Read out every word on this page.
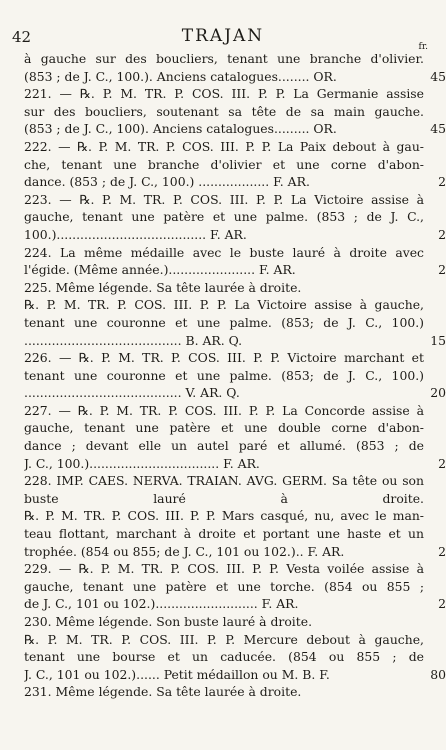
42	TRAJAN
fr.
à gauche sur des boucliers, tenant une branche d'olivier.
(853 ; de J. C., 100.). Anciens catalogues........ OR.	45
221. — ℞. P. M. TR. P. COS. III. P. P. La Germanie assise
sur des boucliers, soutenant sa tête de sa main gauche.
(853 ; de J. C., 100). Anciens catalogues......... OR.	45
222. — ℞. P. M. TR. P. COS. III. P. P. La Paix debout à gau-
che, tenant une branche d'olivier et une corne d'abon-
dance. (853 ; de J. C., 100.) .................. F. AR.	2
223. — ℞. P. M. TR. P. COS. III. P. P. La Victoire assise à
gauche, tenant une patère et une palme. (853 ; de J. C.,
100.)...................................... F. AR.	2
224. La même médaille avec le buste lauré à droite avec
l'égide. (Même année.)...................... F. AR.	2
225. Même légende. Sa tête laurée à droite.
℞. P. M. TR. P. COS. III. P. P. La Victoire assise à gauche,
tenant une couronne et une palme. (853; de J. C., 100.)
........................................ B. AR. Q.	15
226. — ℞. P. M. TR. P. COS. III. P. P. Victoire marchant et
tenant une couronne et une palme. (853; de J. C., 100.)
........................................ V. AR. Q.	20
227. — ℞. P. M. TR. P. COS. III. P. P. La Concorde assise à
gauche, tenant une patère et une double corne d'abon-
dance ; devant elle un autel paré et allumé. (853 ; de
J. C., 100.)................................. F. AR.	2
228. IMP. CAES. NERVA. TRAIAN. AVG. GERM. Sa tête ou son
buste lauré à droite.
℞. P. M. TR. P. COS. III. P. P. Mars casqué, nu, avec le man-
teau flottant, marchant à droite et portant une haste et un
trophée. (854 ou 855; de J. C., 101 ou 102.).. F. AR.	2
229. — ℞. P. M. TR. P. COS. III. P. P. Vesta voilée assise à
gauche, tenant une patère et une torche. (854 ou 855 ;
de J. C., 101 ou 102.).......................... F. AR.	2
230. Même légende. Son buste lauré à droite.
℞. P. M. TR. P. COS. III. P. P. Mercure debout à gauche,
tenant une bourse et un caducée. (854 ou 855 ; de
J. C., 101 ou 102.)...... Petit médaillon ou M. B. F.	80
231. Même légende. Sa tête laurée à droite.
